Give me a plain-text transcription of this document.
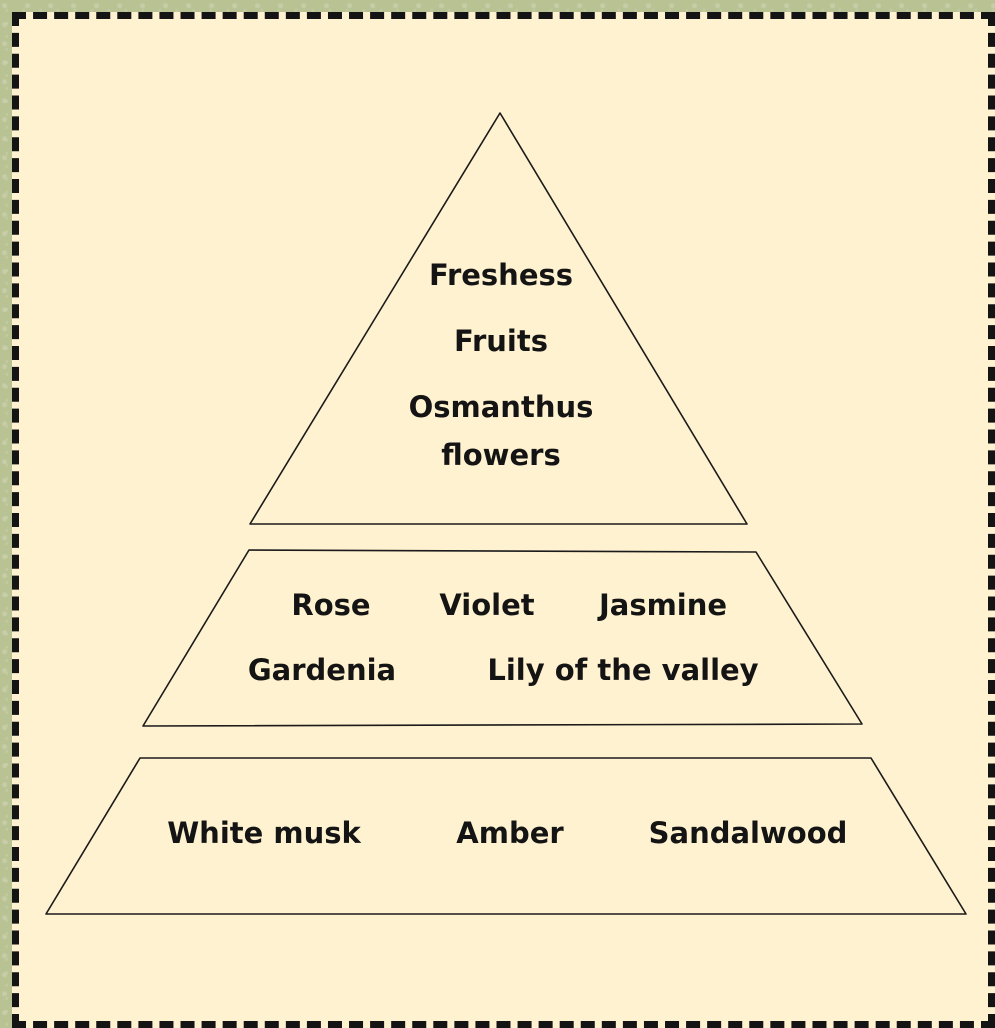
Freshess
Fruits
Osmanthus
flowers
Rose Violet Jasmine
Gardenia	Lily of the valley
White musk	Amber	Sandalwood
